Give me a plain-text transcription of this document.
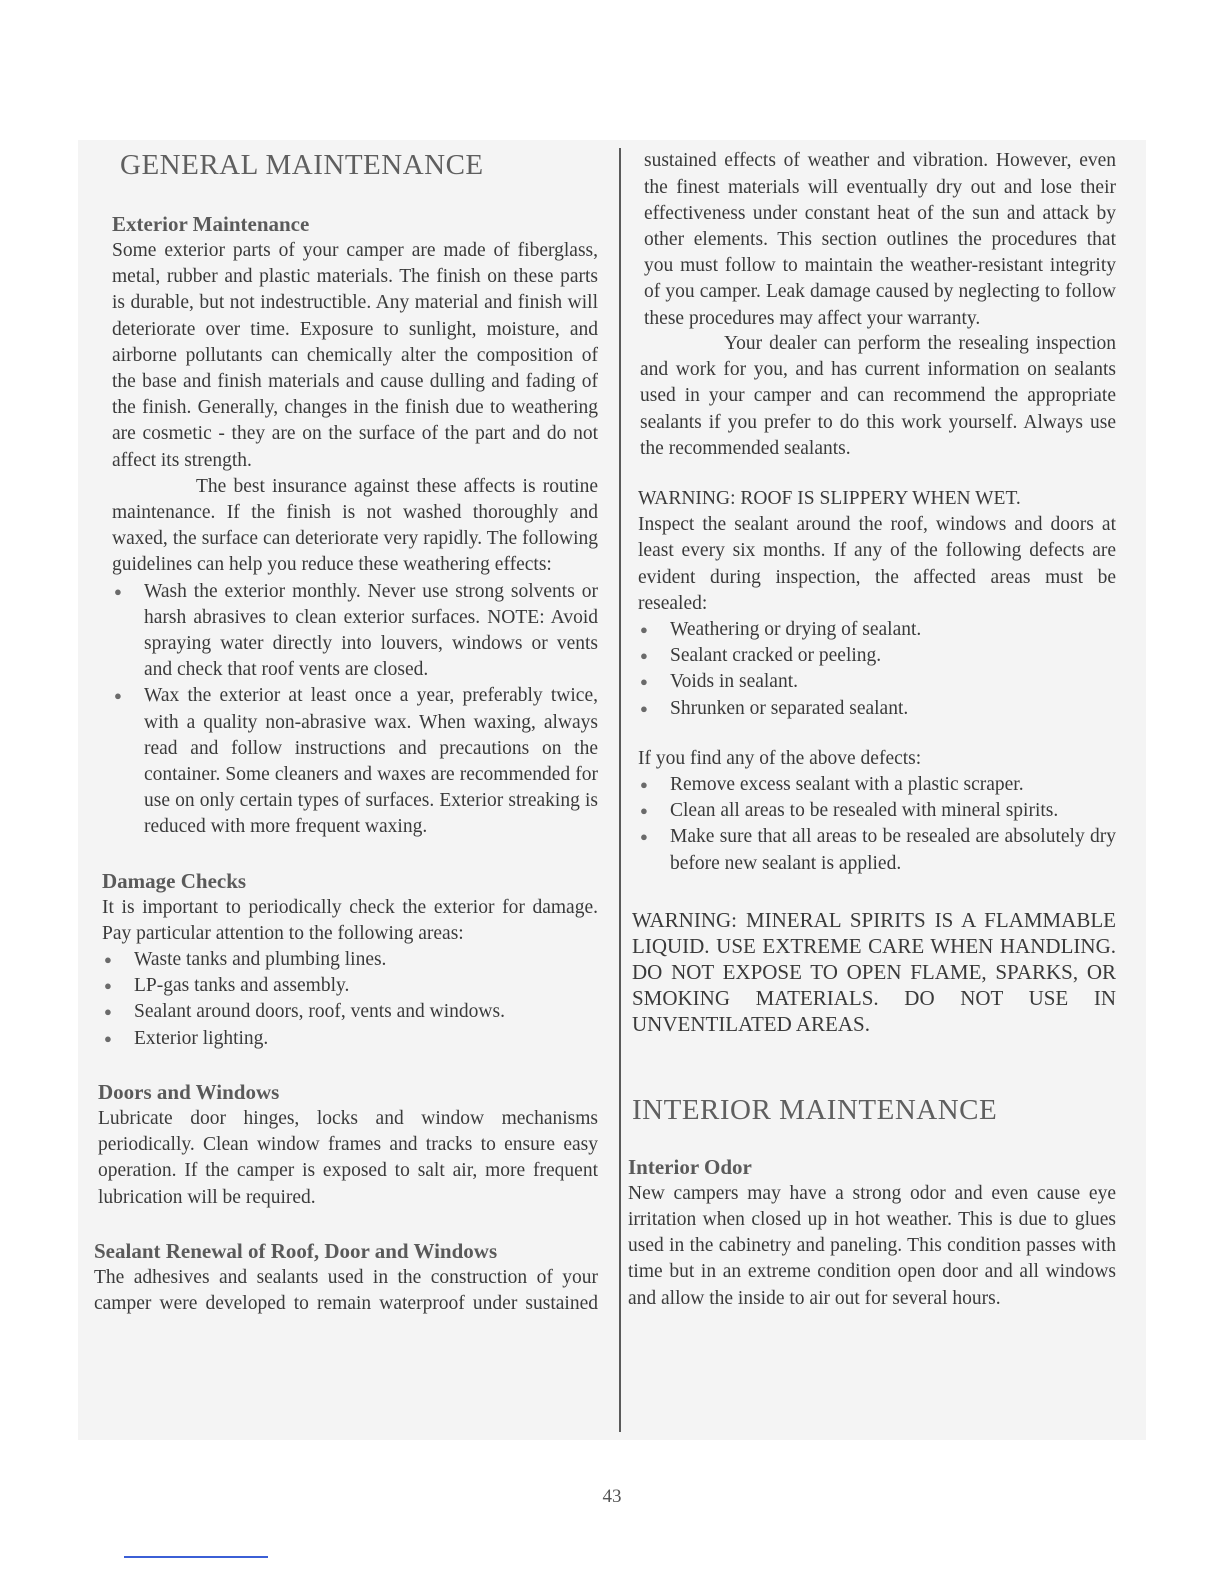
GENERAL MAINTENANCE
Exterior Maintenance

Some exterior parts of your camper are made of fiberglass, metal, rubber and plastic materials. The finish on these parts is durable, but not indestructible. Any material and finish will deteriorate over time. Exposure to sunlight, moisture, and airborne pollutants can chemically alter the composition of the base and finish materials and cause dulling and fading of the finish. Generally, changes in the finish due to weathering are cosmetic - they are on the surface of the part and do not affect its strength.

The best insurance against these affects is routine maintenance. If the finish is not washed thoroughly and waxed, the surface can deteriorate very rapidly. The following guidelines can help you reduce these weathering effects:

● Wash the exterior monthly. Never use strong solvents or harsh abrasives to clean exterior surfaces. NOTE: Avoid spraying water directly into louvers, windows or vents and check that roof vents are closed.
● Wax the exterior at least once a year, preferably twice, with a quality non-abrasive wax. When waxing, always read and follow instructions and precautions on the container. Some cleaners and waxes are recommended for use on only certain types of surfaces. Exterior streaking is reduced with more frequent waxing.
Damage Checks

It is important to periodically check the exterior for damage. Pay particular attention to the following areas:

● Waste tanks and plumbing lines.
● LP-gas tanks and assembly.
● Sealant around doors, roof, vents and windows.
● Exterior lighting.
Doors and Windows

Lubricate door hinges, locks and window mechanisms periodically. Clean window frames and tracks to ensure easy operation. If the camper is exposed to salt air, more frequent lubrication will be required.

Sealant Renewal of Roof, Door and Windows

The adhesives and sealants used in the construction of your camper were developed to remain waterproof under sustained

sustained effects of weather and vibration. However, even the finest materials will eventually dry out and lose their effectiveness under constant heat of the sun and attack by other elements. This section outlines the procedures that you must follow to maintain the weather-resistant integrity of you camper. Leak damage caused by neglecting to follow these procedures may affect your warranty.

Your dealer can perform the resealing inspection and work for you, and has current information on sealants used in your camper and can recommend the appropriate sealants if you prefer to do this work yourself. Always use the recommended sealants.

WARNING: ROOF IS SLIPPERY WHEN WET.

Inspect the sealant around the roof, windows and doors at least every six months. If any of the following defects are evident during inspection, the affected areas must be resealed:

● Weathering or drying of sealant.
● Sealant cracked or peeling.
● Voids in sealant.
● Shrunken or separated sealant.

If you find any of the above defects:

● Remove excess sealant with a plastic scraper.
● Clean all areas to be resealed with mineral spirits.
● Make sure that all areas to be resealed are absolutely dry before new sealant is applied.

WARNING: MINERAL SPIRITS IS A FLAMMABLE LIQUID. USE EXTREME CARE WHEN HANDLING. DO NOT EXPOSE TO OPEN FLAME, SPARKS, OR SMOKING MATERIALS. DO NOT USE IN UNVENTILATED AREAS.

INTERIOR MAINTENANCE
Interior Odor

New campers may have a strong odor and even cause eye irritation when closed up in hot weather. This is due to glues used in the cabinetry and paneling. This condition passes with time but in an extreme condition open door and all windows and allow the inside to air out for several hours.

43
